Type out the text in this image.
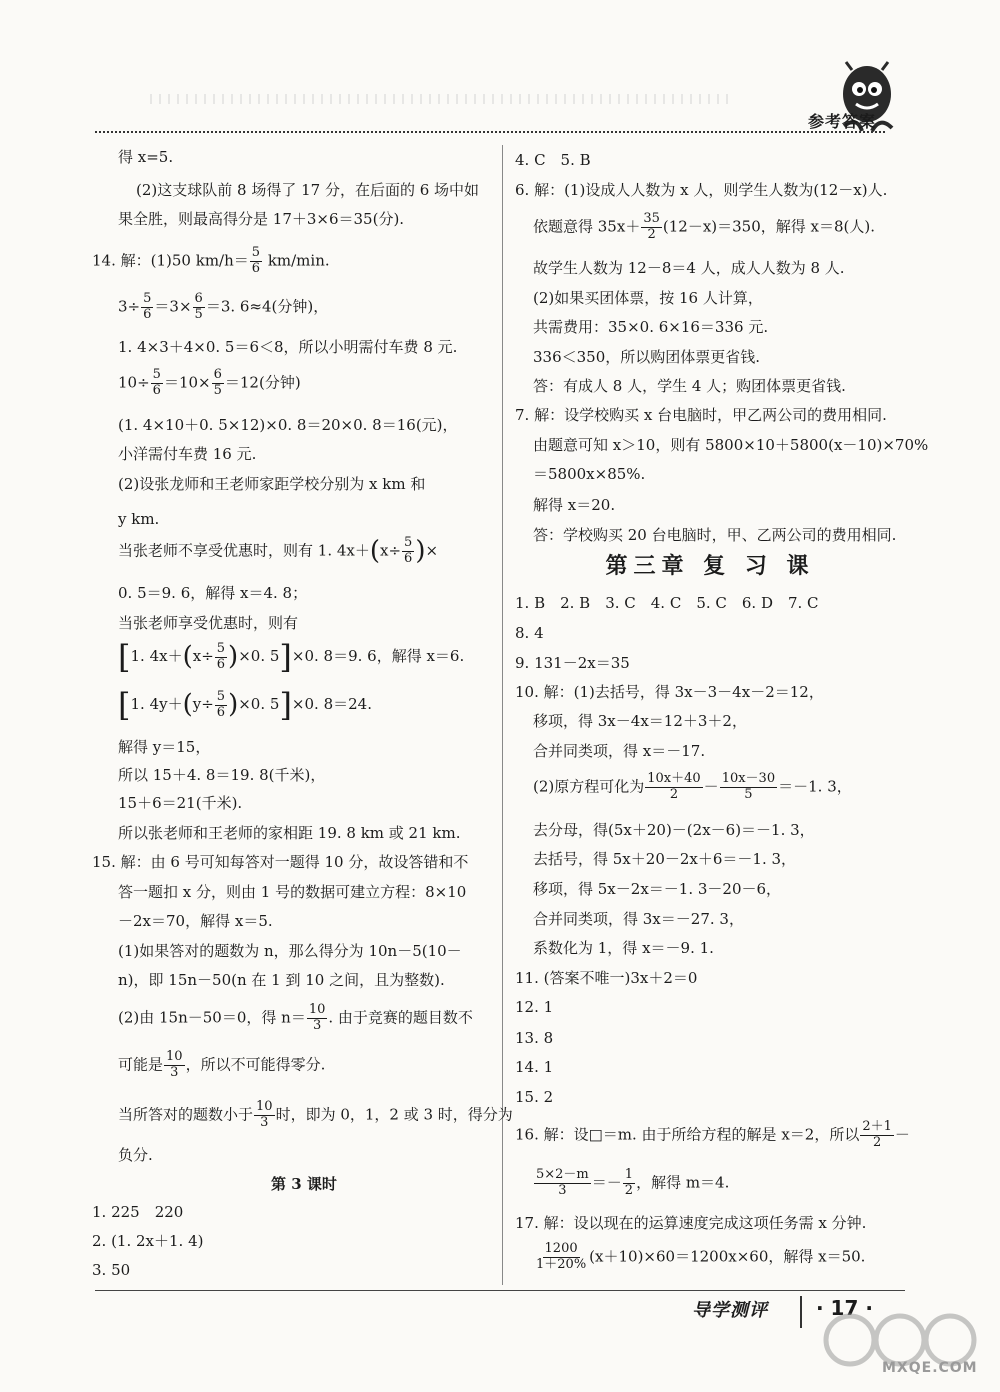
参考答案
得 x=5.
(2)这支球队前 8 场得了 17 分，在后面的 6 场中如
果全胜，则最高得分是 17＋3×6＝35(分).
14. 解：(1)50 $km/h= \frac{5}{6} km/\min$.
$3\div \frac{5}{6} =3\times \frac{6}{5} =3$. 6≈4(分钟)，
1. 4×3＋4×0. 5＝6＜8，所以小明需付车费 8 元.
$10\div \frac{5}{6} =10\times \frac{6}{5} =12$(分钟)
(1. 4×10＋0. 5×12)×0. 8＝20×0. 8＝16(元)，
小洋需付车费 16 元.
(2)设张龙师和王老师家距学校分别为 x km 和
y km.
当张老师不享受优惠时，则有 1. $4x+(x\div \frac{5}{6}$ )×
0. 5＝9. 6，解得 x＝4. 8；
当张老师享受优惠时，则有
[1. $4x+(x\div \frac{5}{6} )\times 0$. 5]×0. 8＝9. 6，解得 x＝6.
[1. $4y+(y\div \frac{5}{6} )\times 0$. 5]×0. 8＝24.
解得 y＝15，
所以 15＋4. 8＝19. 8(千米)，
15＋6＝21(千米).
所以张老师和王老师的家相距 19. 8 km 或 21 km.
15. 解：由 6 号可知每答对一题得 10 分，故设答错和不
答一题扣 x 分，则由 1 号的数据可建立方程：8×10
－2x＝70，解得 x＝5.
(1)如果答对的题数为 n，那么得分为 10n－5(10－
n)，即 15n－50(n 在 1 到 10 之间，且为整数).
(2)由 15n－50＝0，得 $n= \frac{10}{3}$ . 由于竞赛的题目数不
可能是 $\frac{10}{3}$ ，所以不可能得零分.
当所答对的题数小于 $\frac{10}{3}$ 时，即为 0，1，2 或 3 时，得分为
负分.
第 3 课时
1. 225　220
2. (1. 2x＋1. 4)
3. 50
4. C　5. B
6. 解：(1)设成人人数为 x 人，则学生人数为(12－x)人.
依题意得 $35x+ \frac{35}{2} (12-x)=350$，解得 x＝8(人).
故学生人数为 12－8＝4 人，成人人数为 8 人.
(2)如果买团体票，按 16 人计算，
共需费用：35×0. 6×16＝336 元.
336＜350，所以购团体票更省钱.
答：有成人 8 人，学生 4 人；购团体票更省钱.
7. 解：设学校购买 x 台电脑时，甲乙两公司的费用相同.
由题意可知 x＞10，则有 5800×10＋5800(x－10)×70%
＝5800x×85%.
解得 x＝20.
答：学校购买 20 台电脑时，甲、乙两公司的费用相同.
第三章 复 习 课
1. B　2. B　3. C　4. C　5. C　6. D　7. C
8. 4
9. 131－2x＝35
10. 解：(1)去括号，得 3x－3－4x－2＝12，
移项，得 3x－4x＝12＋3＋2，
合并同类项，得 x＝－17.
(2)原方程可化为 $\frac{10x+40}{2} - \frac{10x-30}{5} =-1$. 3，
去分母，得(5x＋20)－(2x－6)＝－1. 3，
去括号，得 5x＋20－2x＋6＝－1. 3，
移项，得 5x－2x＝－1. 3－20－6，
合并同类项，得 3x＝－27. 3，
系数化为 1，得 x＝－9. 1.
11. (答案不唯一)3x＋2＝0
12. 1
13. 8
14. 1
15. 2
16. 解：设□＝m. 由于所给方程的解是 x＝2，所以 $\frac{2+1}{2}$ －
$\frac{5\times 2-m}{3} =- \frac{1}{2}$ ，解得 m＝4.
17. 解：设以现在的运算速度完成这项任务需 x 分钟.
$\frac{1200}{1+20\%} (x+10)\times 60=1200x\times 60$，解得 x＝50.
导学测评 · 17 ·
MXQE.COM
